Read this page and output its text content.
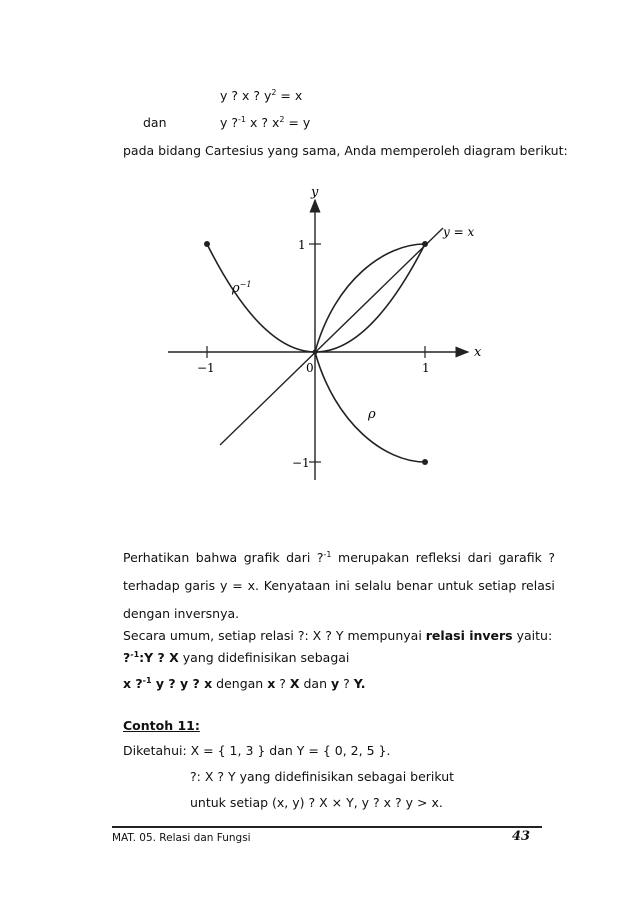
y ? x ? $y^2 = x$
dan	y ?$^{-1}$ x ? $x^2 = y$
pada bidang Cartesius yang sama, Anda memperoleh diagram berikut:
y
x
y = x
$\rho^{-1}$
ρ
0
1
−1
−1	1
Perhatikan bahwa grafik dari ?$^{-1}$ merupakan refleksi dari garafik ?
terhadap garis y = x. Kenyataan ini selalu benar untuk setiap relasi
dengan inversnya.
Secara umum, setiap relasi ?: X ? Y mempunyai relasi invers yaitu:
?$^{-1}$:Y ? X yang didefinisikan sebagai
x ?$^{-1}$ y ? y ? x dengan x ? X dan y ? Y.
Contoh 11:
Diketahui: X = { 1, 3 } dan Y = { 0, 2, 5 }.
?: X ? Y yang didefinisikan sebagai berikut
untuk setiap (x, y) ? X × Y, y ? x ? y > x.
MAT. 05. Relasi dan Fungsi	43
